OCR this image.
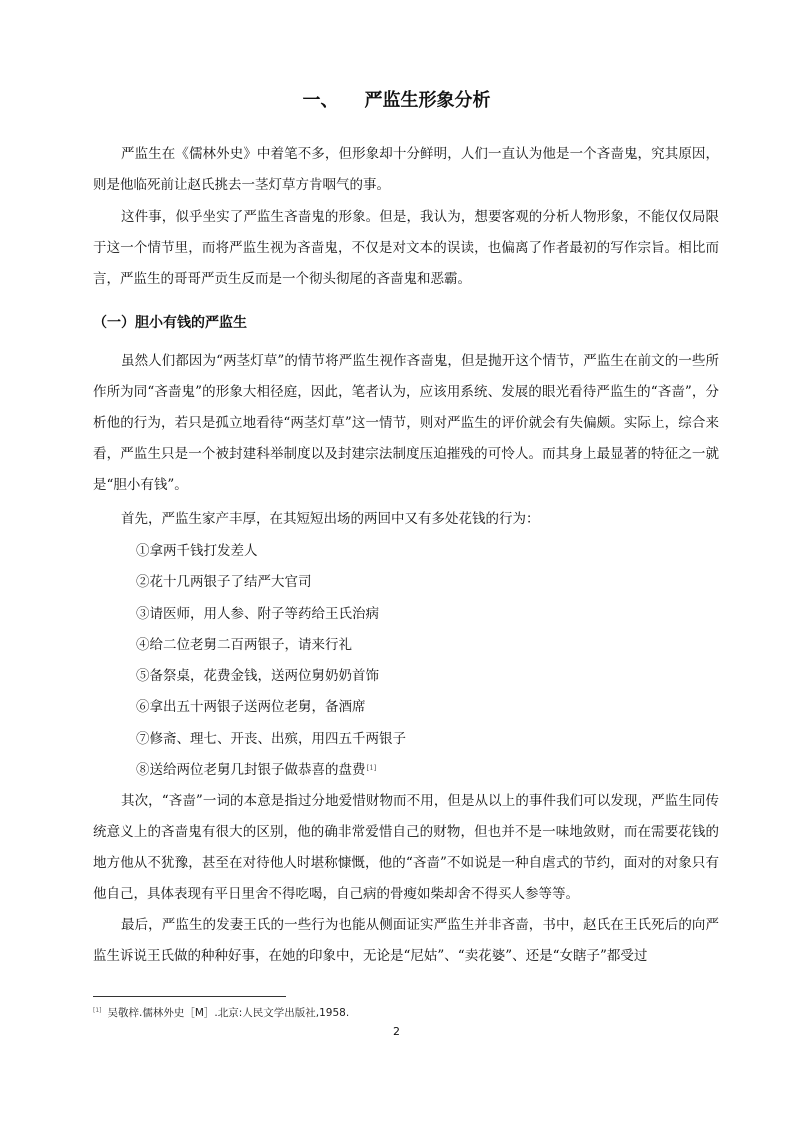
一、 严监生形象分析

严监生在《儒林外史》中着笔不多，但形象却十分鲜明，人们一直认为他是一个吝啬鬼，究其原因，则是他临死前让赵氏挑去一茎灯草方肯咽气的事。

这件事，似乎坐实了严监生吝啬鬼的形象。但是，我认为，想要客观的分析人物形象，不能仅仅局限于这一个情节里，而将严监生视为吝啬鬼，不仅是对文本的误读，也偏离了作者最初的写作宗旨。相比而言，严监生的哥哥严贡生反而是一个彻头彻尾的吝啬鬼和恶霸。

（一）胆小有钱的严监生

虽然人们都因为“两茎灯草”的情节将严监生视作吝啬鬼，但是抛开这个情节，严监生在前文的一些所作所为同“吝啬鬼”的形象大相径庭，因此，笔者认为，应该用系统、发展的眼光看待严监生的“吝啬”，分析他的行为，若只是孤立地看待“两茎灯草”这一情节，则对严监生的评价就会有失偏颇。实际上，综合来看，严监生只是一个被封建科举制度以及封建宗法制度压迫摧残的可怜人。而其身上最显著的特征之一就是“胆小有钱”。

首先，严监生家产丰厚，在其短短出场的两回中又有多处花钱的行为：

①拿两千钱打发差人
②花十几两银子了结严大官司
③请医师，用人参、附子等药给王氏治病
④给二位老舅二百两银子，请来行礼
⑤备祭桌，花费金钱，送两位舅奶奶首饰
⑥拿出五十两银子送两位老舅，备酒席
⑦修斋、理七、开丧、出殡，用四五千两银子
⑧送给两位老舅几封银子做恭喜的盘费[1]

其次，“吝啬”一词的本意是指过分地爱惜财物而不用，但是从以上的事件我们可以发现，严监生同传统意义上的吝啬鬼有很大的区别，他的确非常爱惜自己的财物，但也并不是一味地敛财，而在需要花钱的地方他从不犹豫，甚至在对待他人时堪称慷慨，他的“吝啬”不如说是一种自虐式的节约，面对的对象只有他自己，具体表现有平日里舍不得吃喝，自己病的骨瘦如柴却舍不得买人参等等。

最后，严监生的发妻王氏的一些行为也能从侧面证实严监生并非吝啬，书中，赵氏在王氏死后的向严监生诉说王氏做的种种好事，在她的印象中，无论是“尼姑”、“卖花婆”、还是“女瞎子”都受过

[1] 吴敬梓.儒林外史［M］.北京:人民文学出版社,1958.
2
